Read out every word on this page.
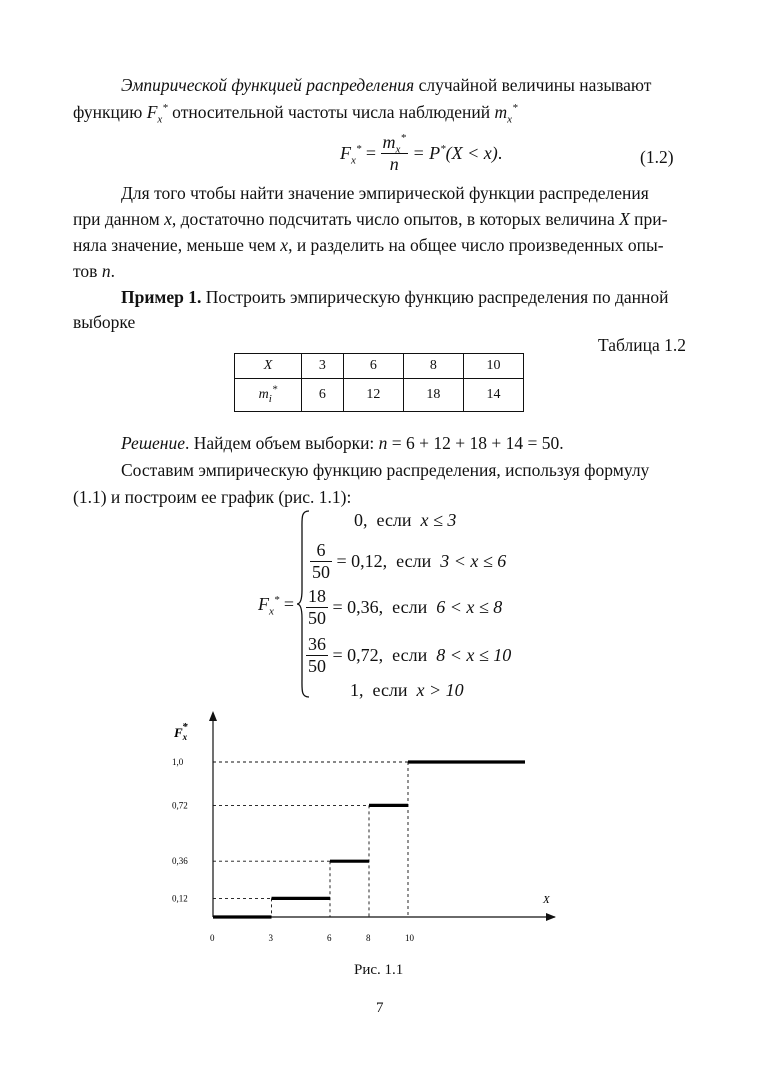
Эмпирической функцией распределения случайной величины называют
функцию $F_x^*$ относительной частоты числа наблюдений $m_x^*$
$F_x^* = \frac{m_x^*}{n} = P^*(X < x)$.	(1.2)
Для того чтобы найти значение эмпирической функции распределения
при данном x, достаточно подсчитать число опытов, в которых величина X при-
няла значение, меньше чем x, и разделить на общее число произведенных опы-
тов n.
Пример 1. Построить эмпирическую функцию распределения по данной
выборке
Таблица 1.2
X	3	6	8	10
$m_i^*$	6	12	18	14
Решение. Найдем объем выборки: n = 6 + 12 + 18 + 14 = 50.
Составим эмпирическую функцию распределения, используя формулу
(1.1) и построим ее график (рис. 1.1):
$F_x^*$ =
0, если x ≤ 3
$\frac{6}{50} = 0,12$, если 3 < x ≤ 6
$\frac{18}{50} = 0,36$, если 6 < x ≤ 8
$\frac{36}{50} = 0,72$, если 8 < x ≤ 10
1, если x > 10
$F_x*$
X
0,12
0,36
0,72
1,0
0	3	6	8	10
Рис. 1.1
7
